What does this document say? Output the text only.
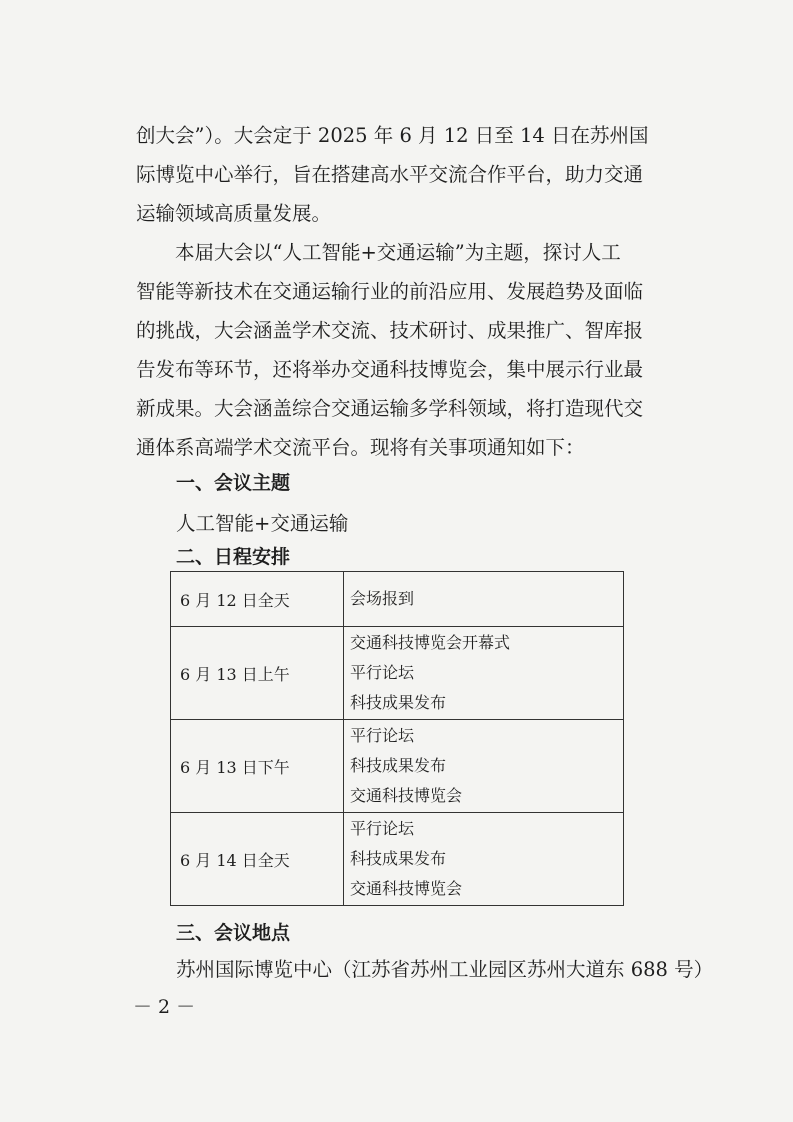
创大会”）。大会定于 2025 年 6 月 12 日至 14 日在苏州国
际博览中心举行，旨在搭建高水平交流合作平台，助力交通
运输领域高质量发展。

　　本届大会以“人工智能+交通运输”为主题，探讨人工
智能等新技术在交通运输行业的前沿应用、发展趋势及面临
的挑战，大会涵盖学术交流、技术研讨、成果推广、智库报
告发布等环节，还将举办交通科技博览会，集中展示行业最
新成果。大会涵盖综合交通运输多学科领域，将打造现代交
通体系高端学术交流平台。现将有关事项通知如下：

一、会议主题

人工智能+交通运输

二、日程安排
6 月 12 日全天	会场报到

6 月 13 日上午	交通科技博览会开幕式
平行论坛
科技成果发布

6 月 13 日下午	平行论坛
科技成果发布
交通科技博览会

6 月 14 日全天	平行论坛
科技成果发布
交通科技博览会
三、会议地点

苏州国际博览中心（江苏省苏州工业园区苏州大道东 688 号）

－ 2 －
